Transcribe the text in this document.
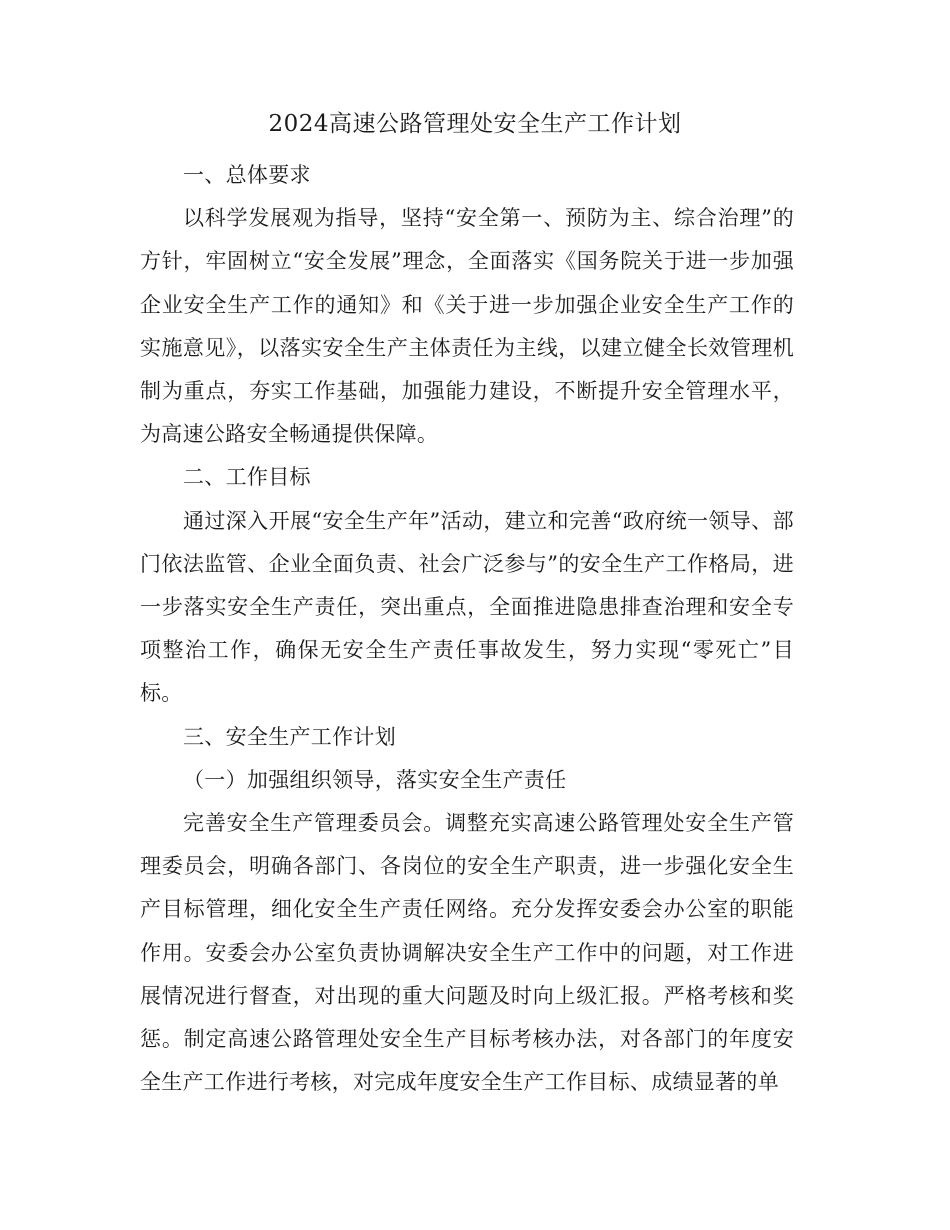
2024高速公路管理处安全生产工作计划

一、总体要求

以科学发展观为指导，坚持“安全第一、预防为主、综合治理”的方针，牢固树立“安全发展”理念，全面落实《国务院关于进一步加强企业安全生产工作的通知》和《关于进一步加强企业安全生产工作的实施意见》，以落实安全生产主体责任为主线，以建立健全长效管理机制为重点，夯实工作基础，加强能力建设，不断提升安全管理水平，为高速公路安全畅通提供保障。

二、工作目标

通过深入开展“安全生产年”活动，建立和完善“政府统一领导、部门依法监管、企业全面负责、社会广泛参与”的安全生产工作格局，进一步落实安全生产责任，突出重点，全面推进隐患排查治理和安全专项整治工作，确保无安全生产责任事故发生，努力实现“零死亡”目标。

三、安全生产工作计划

（一）加强组织领导，落实安全生产责任

完善安全生产管理委员会。调整充实高速公路管理处安全生产管理委员会，明确各部门、各岗位的安全生产职责，进一步强化安全生产目标管理，细化安全生产责任网络。充分发挥安委会办公室的职能作用。安委会办公室负责协调解决安全生产工作中的问题，对工作进展情况进行督查，对出现的重大问题及时向上级汇报。严格考核和奖惩。制定高速公路管理处安全生产目标考核办法，对各部门的年度安全生产工作进行考核，对完成年度安全生产工作目标、成绩显著的单
